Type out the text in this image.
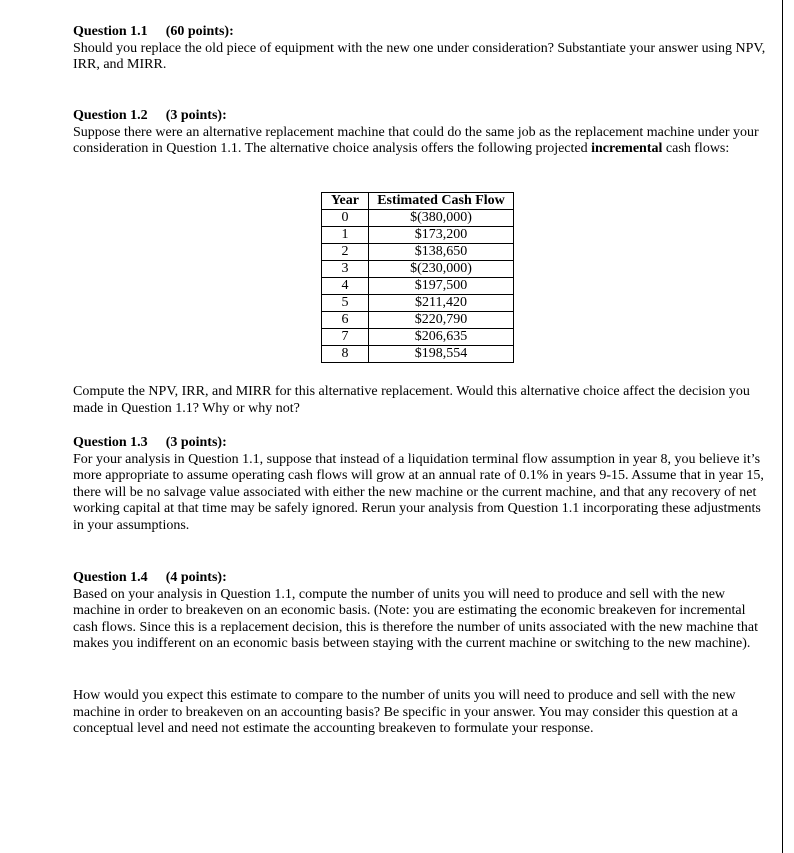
Question 1.1 (60 points):

Should you replace the old piece of equipment with the new one under consideration? Substantiate your answer using NPV, IRR, and MIRR.

Question 1.2 (3 points):

Suppose there were an alternative replacement machine that could do the same job as the replacement machine under your consideration in Question 1.1. The alternative choice analysis offers the following projected incremental cash flows:

Year	Estimated Cash Flow
0	$(380,000)
1	$173,200
2	$138,650
3	$(230,000)
4	$197,500
5	$211,420
6	$220,790
7	$206,635
8	$198,554

Compute the NPV, IRR, and MIRR for this alternative replacement. Would this alternative choice affect the decision you made in Question 1.1? Why or why not?

Question 1.3 (3 points):

For your analysis in Question 1.1, suppose that instead of a liquidation terminal flow assumption in year 8, you believe it’s more appropriate to assume operating cash flows will grow at an annual rate of 0.1% in years 9-15. Assume that in year 15, there will be no salvage value associated with either the new machine or the current machine, and that any recovery of net working capital at that time may be safely ignored. Rerun your analysis from Question 1.1 incorporating these adjustments in your assumptions.

Question 1.4 (4 points):

Based on your analysis in Question 1.1, compute the number of units you will need to produce and sell with the new machine in order to breakeven on an economic basis. (Note: you are estimating the economic breakeven for incremental cash flows. Since this is a replacement decision, this is therefore the number of units associated with the new machine that makes you indifferent on an economic basis between staying with the current machine or switching to the new machine).

How would you expect this estimate to compare to the number of units you will need to produce and sell with the new machine in order to breakeven on an accounting basis? Be specific in your answer. You may consider this question at a conceptual level and need not estimate the accounting breakeven to formulate your response.
